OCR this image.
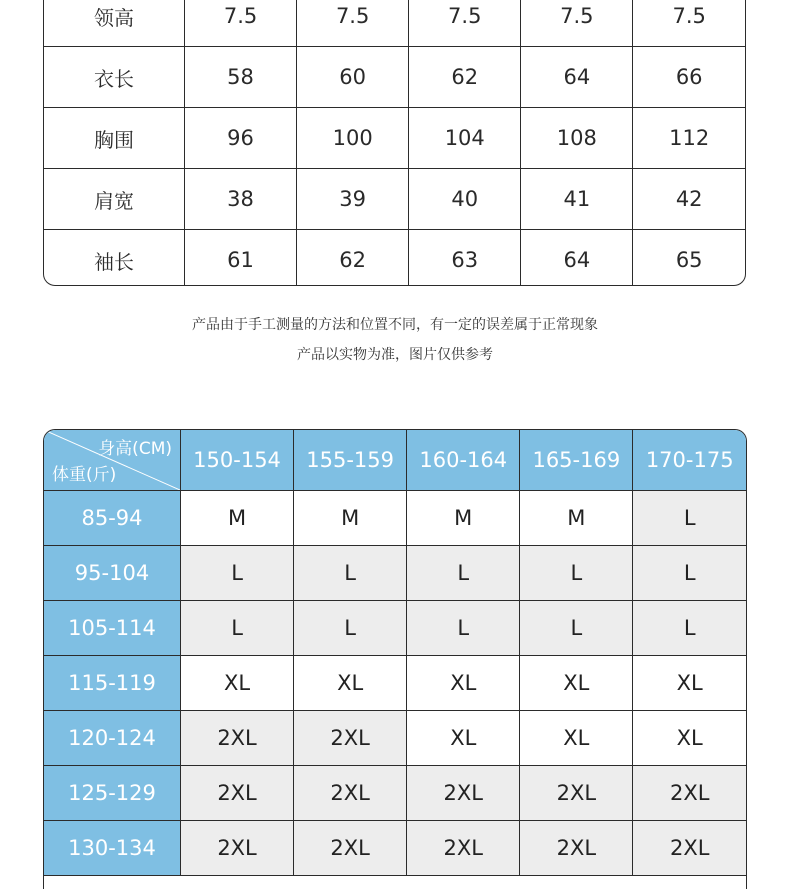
领高	7.5	7.5	7.5	7.5	7.5
衣长	58	60	62	64	66
胸围	96	100	104	108	112
肩宽	38	39	40	41	42
袖长	61	62	63	64	65
产品由于手工测量的方法和位置不同，有一定的误差属于正常现象
产品以实物为准，图片仅供参考
身高(CM)
体重(斤)	150-154	155-159	160-164	165-169	170-175
85-94	M	M	M	M	L
95-104	L	L	L	L	L
105-114	L	L	L	L	L
115-119	XL	XL	XL	XL	XL
120-124	2XL	2XL	XL	XL	XL
125-129	2XL	2XL	2XL	2XL	2XL
130-134	2XL	2XL	2XL	2XL	2XL
